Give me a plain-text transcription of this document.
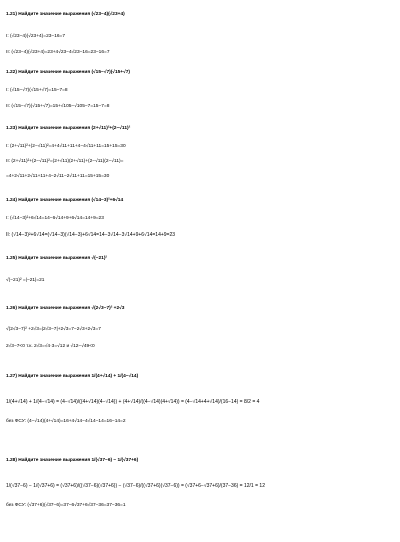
1.21) Найдите значение выражения (√23−4)(√23+4)
I: (√23−4)(√23+4)=23−16=7
II: (√23−4)(√23+4)=23+4√23−4√23−16=23−16=7
1.22) Найдите значение выражения (√15−√7)(√15+√7)
I: (√15−√7)(√15+√7)=15−7=8
II: (√15−√7)(√15+√7)=15+√105−√105−7=15−7=8
1.23) Найдите значение выражения (2+√11)²+(2−√11)²
I: (2+√11)²+(2−√11)²=4+4√11+11+4−4√11+11=15+15=30
II: (2+√11)²+(2−√11)²=(2+√11)(2+√11)+(2−√11)(2−√11)=
=4+2√11+2√11+11+4−2√11−2√11+11=15+15=30
1.24) Найдите значение выражения (√14−3)²+6√14
I: (√14−3)²+6√14=14−6√14+9+6√14=14+9=23
II: (√14−3)²+6√14=(√14−3)(√14−3)+6√14=14−3√14−3√14+9+6√14=14+9=23
1.25) Найдите значение выражения √(−21)²
√(−21)² =|−21|=21
1.26) Найдите значение выражения √(2√3−7)² +2√3
√(2√3−7)² +2√3=|2√3−7|+2√3=7−2√3+2√3=7
2√3−7<0 т.к. 2√3=√4·3=√12 и √12−√49<0
1.27) Найдите значение выражения 1/(4+√14) + 1/(4−√14)
1/(4+√14) + 1/(4−√14) = (4−√14)/((4+√14)(4−√14)) + (4+√14)/((4−√14)(4+√14)) = (4−√14+4+√14)/(16−14) = 8/2 = 4
без ФСУ: (4−√14)(4+√14)=16+4√14−4√14−14=16−14=2
1.28) Найдите значение выражения 1/(√37−6) − 1/(√37+6)
1/(√37−6) − 1/(√37+6) = (√37+6)/((√37−6)(√37+6)) − (√37−6)/((√37+6)(√37−6)) = (√37+6−√37+6)/(37−36) = 12/1 = 12
без ФСУ: (√37+6)(√37−6)=37−6√37+6√37−36=37−36=1
